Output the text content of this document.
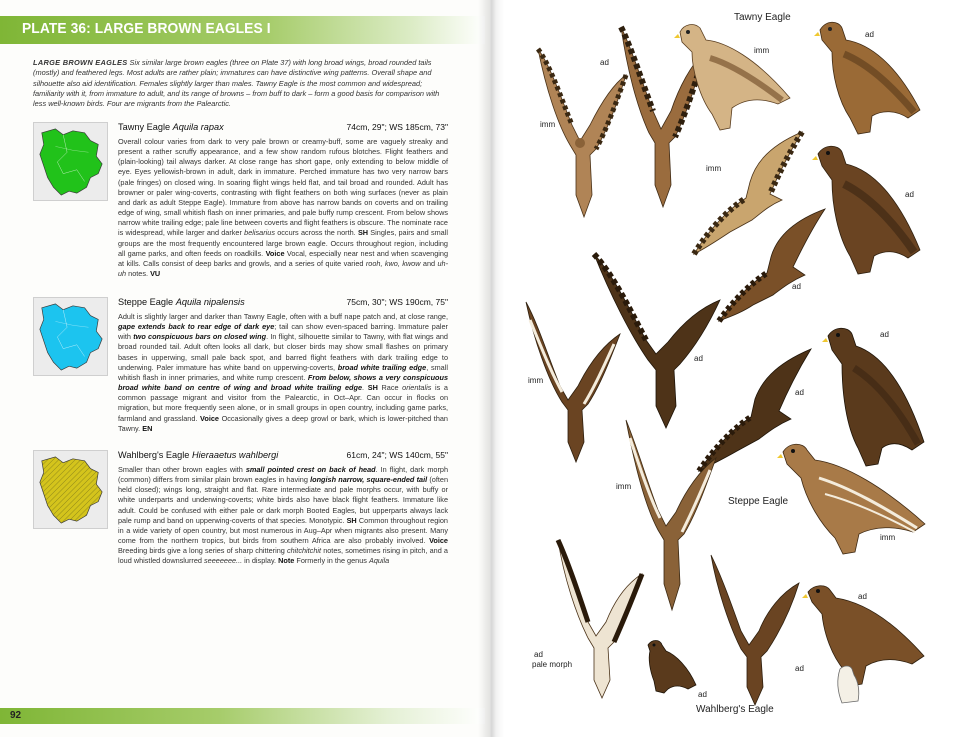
PLATE 36: LARGE BROWN EAGLES I

LARGE BROWN EAGLES Six similar large brown eagles (three on Plate 37) with long broad wings, broad rounded tails (mostly) and feathered legs. Most adults are rather plain; immatures can have distinctive wing patterns. Overall shape and silhouette also aid identification. Females slightly larger than males. Tawny Eagle is the most common and widespread; familiarity with it, from immature to adult, and its range of browns – from buff to dark – form a good basis for comparison with less well-known birds. Four are migrants from the Palearctic.

Tawny Eagle Aquila rapax	74cm, 29"; WS 185cm, 73"

Overall colour varies from dark to very pale brown or creamy-buff, some are vaguely streaky and present a rather scruffy appearance, and a few show random rufous blotches. Flight feathers and (plain-looking) tail always darker. At close range has short gape, only extending to below middle of eye. Eyes yellowish-brown in adult, dark in immature. Perched immature has two very narrow bars (pale fringes) on closed wing. In soaring flight wings held flat, and tail broad and rounded. Adult has browner or paler wing-coverts, contrasting with flight feathers on both wing surfaces (never as plain and dark as adult Steppe Eagle). Immature from above has narrow bands on coverts and on trailing edge of wing, small whitish flash on inner primaries, and pale buffy rump crescent. From below shows narrow white trailing edge; pale line between coverts and flight feathers is obscure. The nominate race is widespread, while larger and darker belisarius occurs across the north. SH Singles, pairs and small groups are the most frequently encountered large brown eagle. Occurs throughout region, including all game parks, and often feeds on roadkills. Voice Vocal, especially near nest and when scavenging at kills. Calls consist of deep barks and growls, and a series of quite varied rooh, kwo, kwow and uh-uh notes. VU

Steppe Eagle Aquila nipalensis	75cm, 30"; WS 190cm, 75"

Adult is slightly larger and darker than Tawny Eagle, often with a buff nape patch and, at close range, gape extends back to rear edge of dark eye; tail can show even-spaced barring. Immature paler with two conspicuous bars on closed wing. In flight, silhouette similar to Tawny, with flat wings and broad rounded tail. Adult often looks all dark, but closer birds may show small flashes on primary bases in upperwing, small pale back spot, and barred flight feathers with dark trailing edge to underwing. Paler immature has white band on upperwing-coverts, broad white trailing edge, small whitish flash in inner primaries, and white rump crescent. From below, shows a very conspicuous broad white band on centre of wing and broad white trailing edge. SH Race orientalis is a common passage migrant and visitor from the Palearctic, in Oct–Apr. Can occur in flocks on migration, but more frequently seen alone, or in small groups in open country, including game parks, farmland and grassland. Voice Occasionally gives a deep growl or bark, which is lower-pitched than Tawny. EN

Wahlberg's Eagle Hieraaetus wahlbergi	61cm, 24"; WS 140cm, 55"

Smaller than other brown eagles with small pointed crest on back of head. In flight, dark morph (common) differs from similar plain brown eagles in having longish narrow, square-ended tail (often held closed); wings long, straight and flat. Rare intermediate and pale morphs occur, with buffy or white underparts and underwing-coverts; white birds also have black flight feathers. Immature like adult. Could be confused with either pale or dark morph Booted Eagles, but upperparts always lack pale rump and band on upperwing-coverts of that species. Monotypic. SH Common throughout region in a wide variety of open country, but most numerous in Aug–Apr when migrants also present. Many come from the northern tropics, but birds from southern Africa are also probably involved. Voice Breeding birds give a long series of sharp chittering chitchitchit notes, sometimes rising in pitch, and a loud whistled downslurred seeeeeee... in display. Note Formerly in the genus Aquila

92
Tawny Eagle
Steppe Eagle
Wahlberg's Eagle
ad
imm
imm
ad
imm
ad
ad
ad
ad
imm
ad
imm
imm
ad
ad
pale morph
ad
ad
